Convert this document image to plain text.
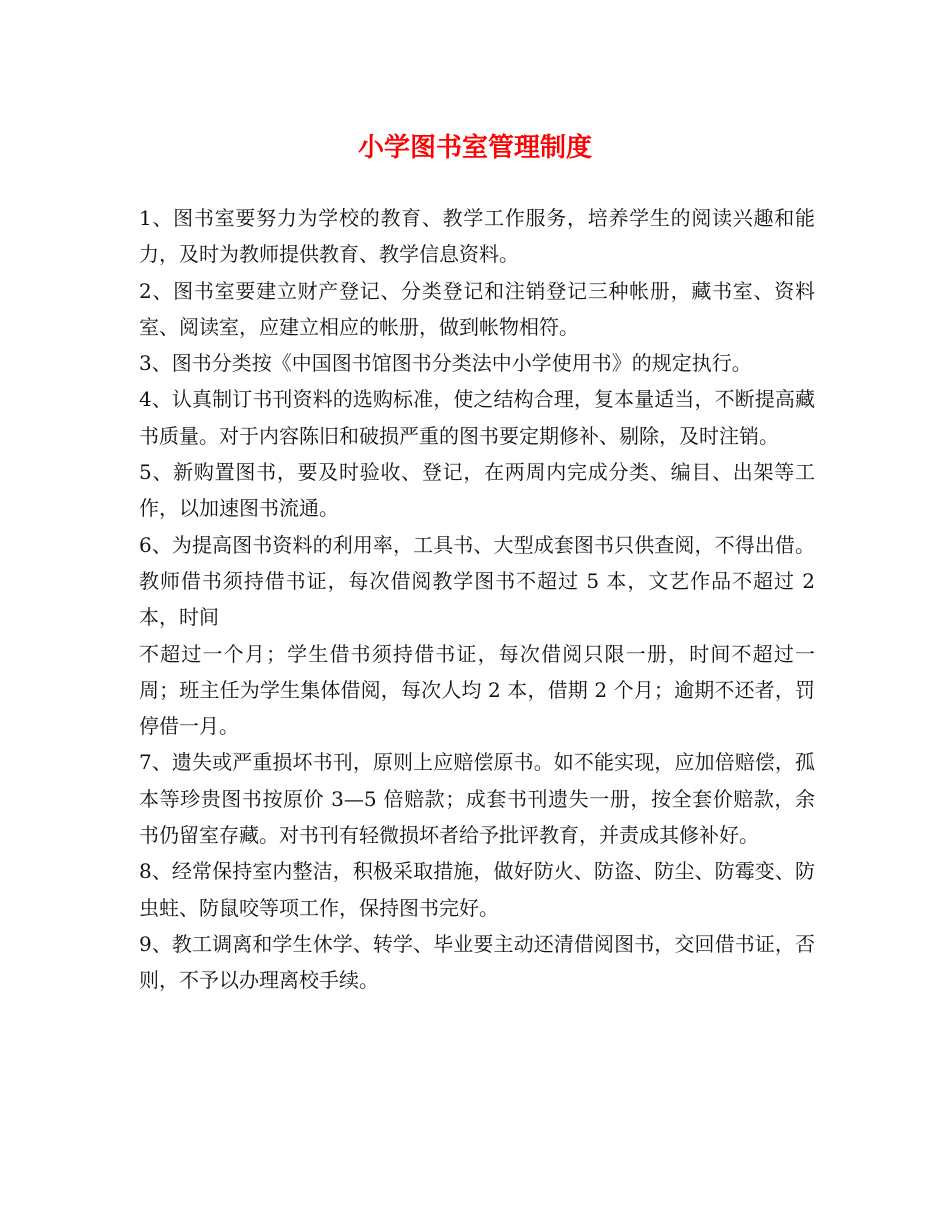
小学图书室管理制度

1、图书室要努力为学校的教育、教学工作服务，培养学生的阅读兴趣和能力，及时为教师提供教育、教学信息资料。

2、图书室要建立财产登记、分类登记和注销登记三种帐册，藏书室、资料室、阅读室，应建立相应的帐册，做到帐物相符。

3、图书分类按《中国图书馆图书分类法中小学使用书》的规定执行。

4、认真制订书刊资料的选购标准，使之结构合理，复本量适当，不断提高藏书质量。对于内容陈旧和破损严重的图书要定期修补、剔除，及时注销。

5、新购置图书，要及时验收、登记，在两周内完成分类、编目、出架等工作，以加速图书流通。

6、为提高图书资料的利用率，工具书、大型成套图书只供查阅，不得出借。教师借书须持借书证，每次借阅教学图书不超过 5 本，文艺作品不超过 2 本，时间

不超过一个月；学生借书须持借书证，每次借阅只限一册，时间不超过一周；班主任为学生集体借阅，每次人均 2 本，借期 2 个月；逾期不还者，罚停借一月。

7、遗失或严重损坏书刊，原则上应赔偿原书。如不能实现，应加倍赔偿，孤本等珍贵图书按原价 3—5 倍赔款；成套书刊遗失一册，按全套价赔款，余书仍留室存藏。对书刊有轻微损坏者给予批评教育，并责成其修补好。

8、经常保持室内整洁，积极采取措施，做好防火、防盗、防尘、防霉变、防虫蛀、防鼠咬等项工作，保持图书完好。

9、教工调离和学生休学、转学、毕业要主动还清借阅图书，交回借书证，否则，不予以办理离校手续。
